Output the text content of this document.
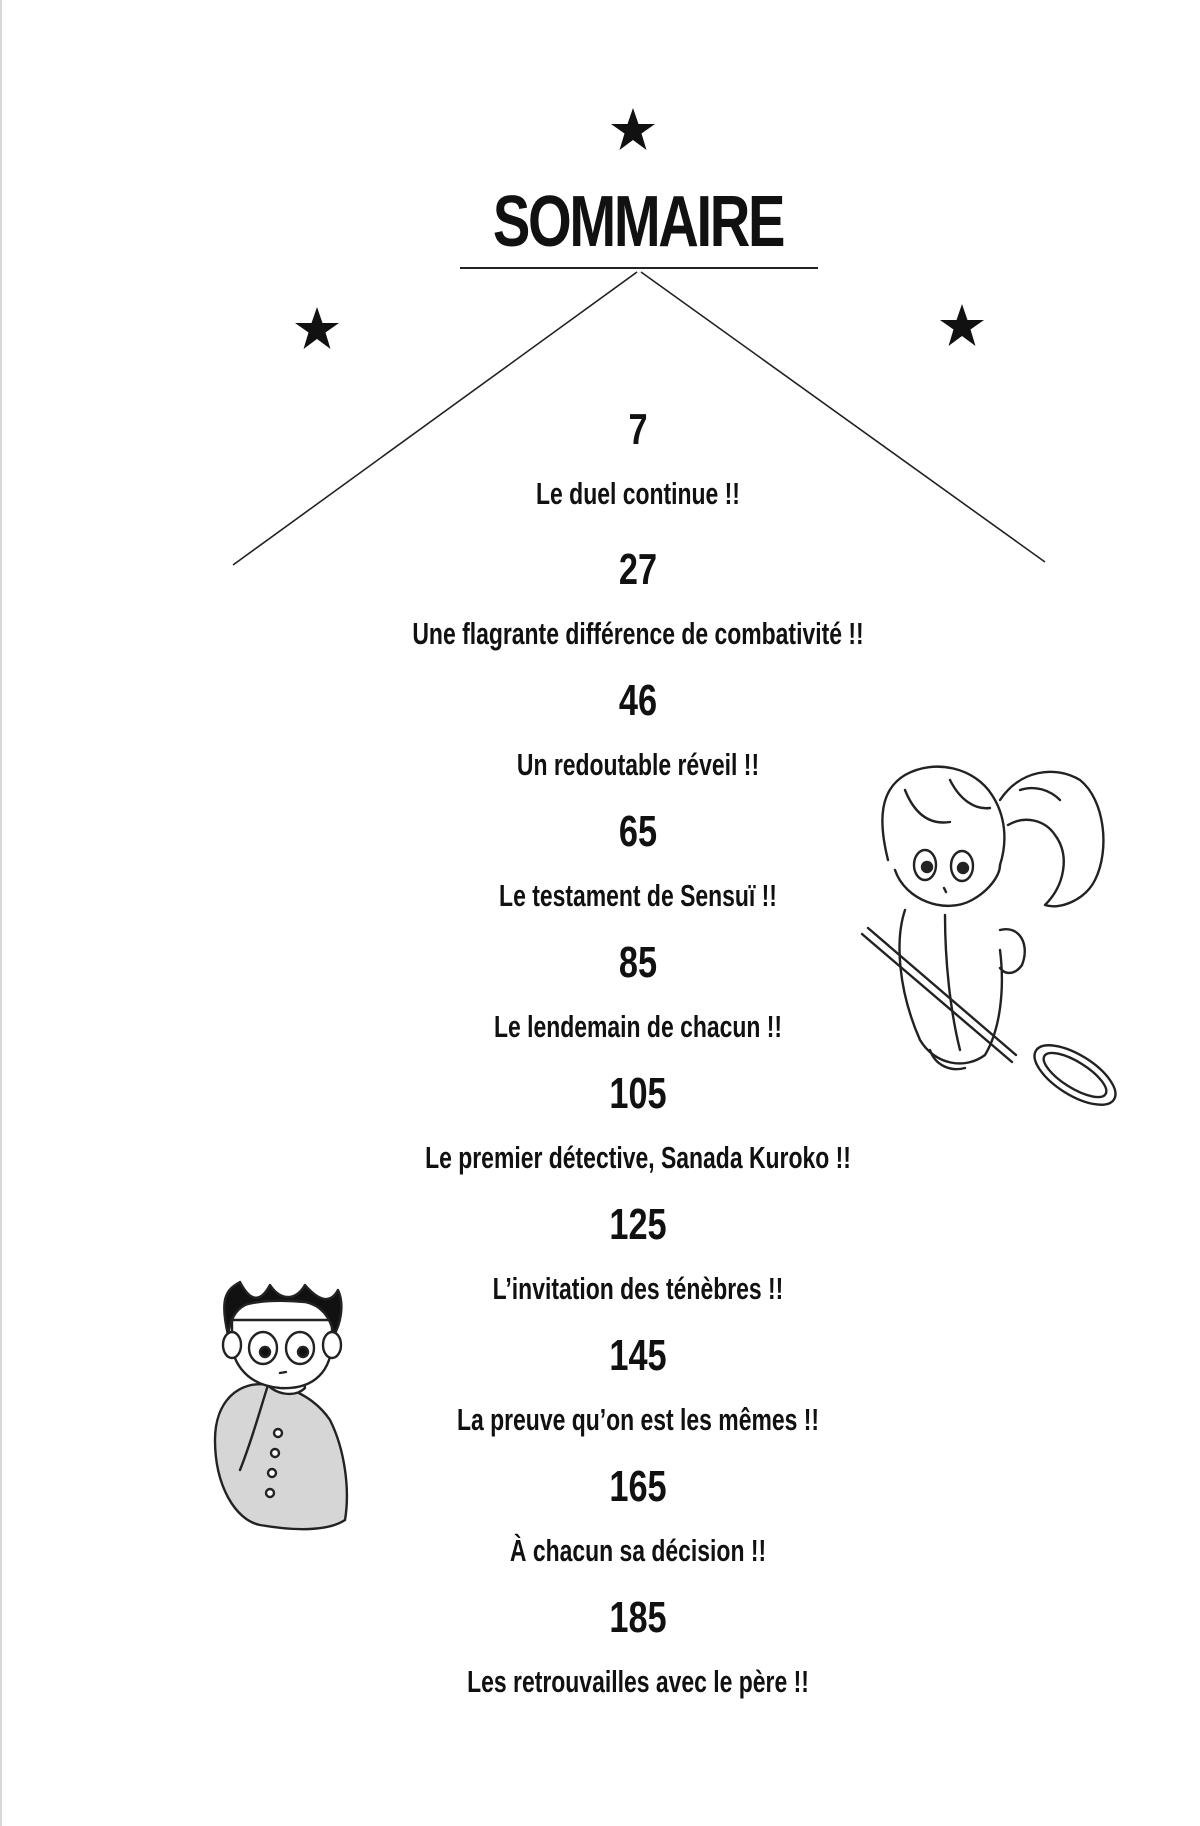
SOMMAIRE
7
Le duel continue !!
27
Une flagrante différence de combativité !!
46
Un redoutable réveil !!
65
Le testament de Sensuï !!
85
Le lendemain de chacun !!
105
Le premier détective, Sanada Kuroko !!
125
L’invitation des ténèbres !!
145
La preuve qu’on est les mêmes !!
165
À chacun sa décision !!
185
Les retrouvailles avec le père !!
